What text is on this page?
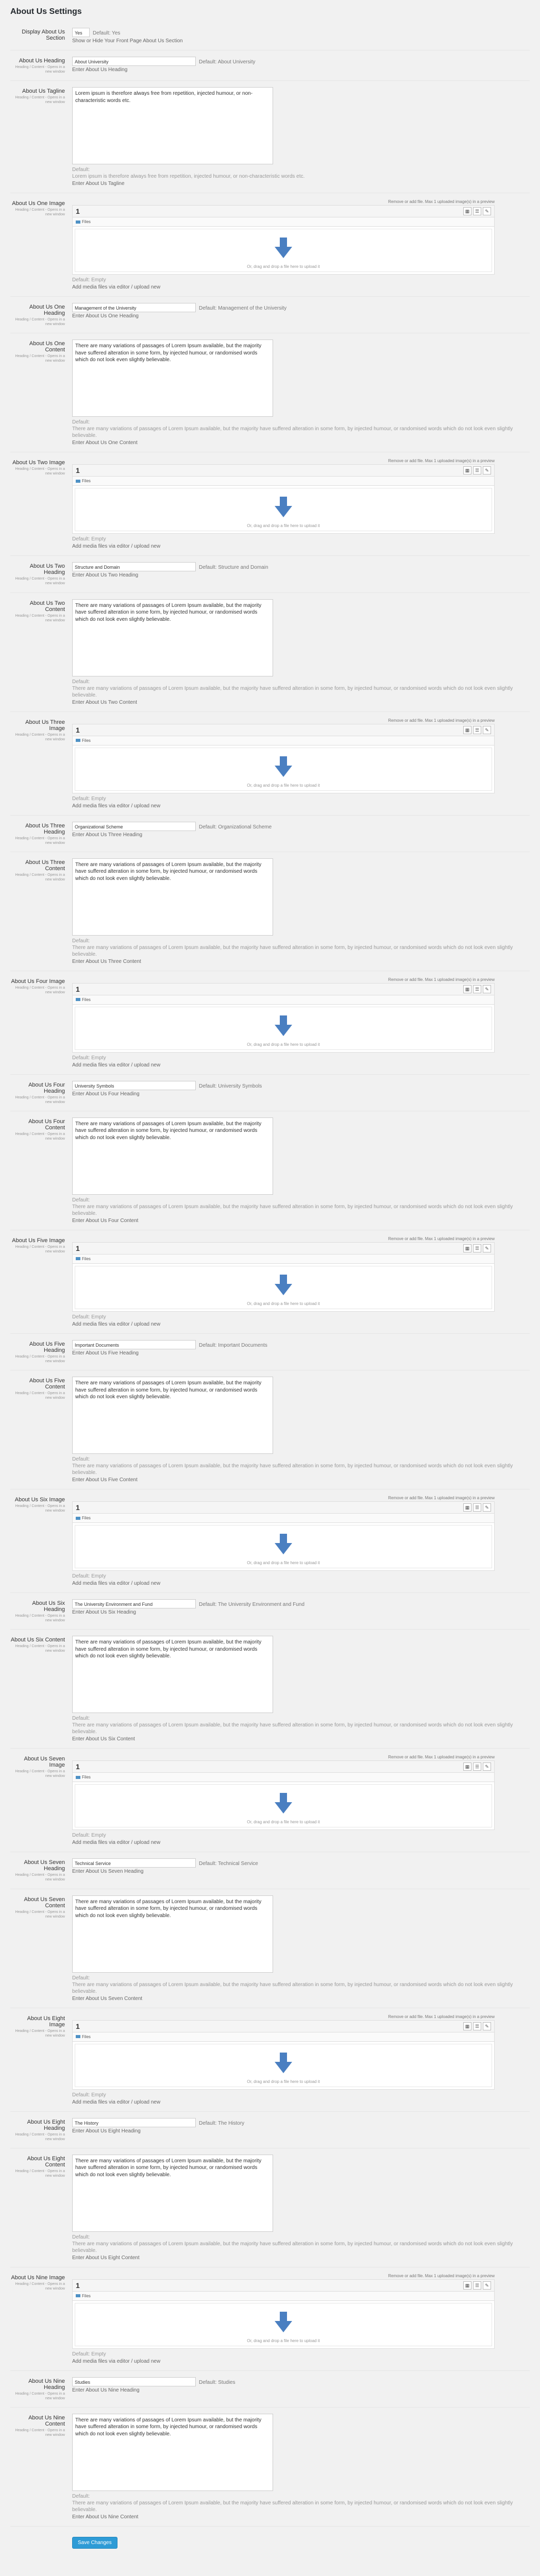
About Us Settings
Display About Us Section
Yes	Default: Yes
Show or Hide Your Front Page About Us Section
About Us Heading
Heading / Content - Opens in a new window
About University	Default: About University
Enter About Us Heading
About Us Tagline
Heading / Content - Opens in a new window
Lorem ipsum is therefore always free from repetition, injected humour, or non-characteristic words etc.
Default:
Lorem ipsum is therefore always free from repetition, injected humour, or non-characteristic words etc.
Enter About Us Tagline
About Us One Image
Heading / Content - Opens in a new window
Remove or add file. Max 1 uploaded image(s) in a preview
1	▦	☰	✎
Files
Or, drag and drop a file here to upload it
Default: Empty
Add media files via editor / upload new
About Us One Heading
Heading / Content - Opens in a new window
Management of the University	Default: Management of the University
Enter About Us One Heading
About Us One Content
Heading / Content - Opens in a new window
There are many variations of passages of Lorem Ipsum available, but the majority have suffered alteration in some form, by injected humour, or randomised words which do not look even slightly believable.
Default:
There are many variations of passages of Lorem Ipsum available, but the majority have suffered alteration in some form, by injected humour, or randomised words which do not look even slightly believable.
Enter About Us One Content
About Us Two Image
Heading / Content - Opens in a new window
Remove or add file. Max 1 uploaded image(s) in a preview
1	▦	☰	✎
Files
Or, drag and drop a file here to upload it
Default: Empty
Add media files via editor / upload new
About Us Two Heading
Heading / Content - Opens in a new window
Structure and Domain	Default: Structure and Domain
Enter About Us Two Heading
About Us Two Content
Heading / Content - Opens in a new window
There are many variations of passages of Lorem Ipsum available, but the majority have suffered alteration in some form, by injected humour, or randomised words which do not look even slightly believable.
Default:
There are many variations of passages of Lorem Ipsum available, but the majority have suffered alteration in some form, by injected humour, or randomised words which do not look even slightly believable.
Enter About Us Two Content
About Us Three Image
Heading / Content - Opens in a new window
Remove or add file. Max 1 uploaded image(s) in a preview
1	▦	☰	✎
Files
Or, drag and drop a file here to upload it
Default: Empty
Add media files via editor / upload new
About Us Three Heading
Heading / Content - Opens in a new window
Organizational Scheme	Default: Organizational Scheme
Enter About Us Three Heading
About Us Three Content
Heading / Content - Opens in a new window
There are many variations of passages of Lorem Ipsum available, but the majority have suffered alteration in some form, by injected humour, or randomised words which do not look even slightly believable.
Default:
There are many variations of passages of Lorem Ipsum available, but the majority have suffered alteration in some form, by injected humour, or randomised words which do not look even slightly believable.
Enter About Us Three Content
About Us Four Image
Heading / Content - Opens in a new window
Remove or add file. Max 1 uploaded image(s) in a preview
1	▦	☰	✎
Files
Or, drag and drop a file here to upload it
Default: Empty
Add media files via editor / upload new
About Us Four Heading
Heading / Content - Opens in a new window
University Symbols	Default: University Symbols
Enter About Us Four Heading
About Us Four Content
Heading / Content - Opens in a new window
There are many variations of passages of Lorem Ipsum available, but the majority have suffered alteration in some form, by injected humour, or randomised words which do not look even slightly believable.
Default:
There are many variations of passages of Lorem Ipsum available, but the majority have suffered alteration in some form, by injected humour, or randomised words which do not look even slightly believable.
Enter About Us Four Content
About Us Five Image
Heading / Content - Opens in a new window
Remove or add file. Max 1 uploaded image(s) in a preview
1	▦	☰	✎
Files
Or, drag and drop a file here to upload it
Default: Empty
Add media files via editor / upload new
About Us Five Heading
Heading / Content - Opens in a new window
Important Documents	Default: Important Documents
Enter About Us Five Heading
About Us Five Content
Heading / Content - Opens in a new window
There are many variations of passages of Lorem Ipsum available, but the majority have suffered alteration in some form, by injected humour, or randomised words which do not look even slightly believable.
Default:
There are many variations of passages of Lorem Ipsum available, but the majority have suffered alteration in some form, by injected humour, or randomised words which do not look even slightly believable.
Enter About Us Five Content
About Us Six Image
Heading / Content - Opens in a new window
Remove or add file. Max 1 uploaded image(s) in a preview
1	▦	☰	✎
Files
Or, drag and drop a file here to upload it
Default: Empty
Add media files via editor / upload new
About Us Six Heading
Heading / Content - Opens in a new window
The University Environment and Fund	Default: The University Environment and Fund
Enter About Us Six Heading
About Us Six Content
Heading / Content - Opens in a new window
There are many variations of passages of Lorem Ipsum available, but the majority have suffered alteration in some form, by injected humour, or randomised words which do not look even slightly believable.
Default:
There are many variations of passages of Lorem Ipsum available, but the majority have suffered alteration in some form, by injected humour, or randomised words which do not look even slightly believable.
Enter About Us Six Content
About Us Seven Image
Heading / Content - Opens in a new window
Remove or add file. Max 1 uploaded image(s) in a preview
1	▦	☰	✎
Files
Or, drag and drop a file here to upload it
Default: Empty
Add media files via editor / upload new
About Us Seven Heading
Heading / Content - Opens in a new window
Technical Service	Default: Technical Service
Enter About Us Seven Heading
About Us Seven Content
Heading / Content - Opens in a new window
There are many variations of passages of Lorem Ipsum available, but the majority have suffered alteration in some form, by injected humour, or randomised words which do not look even slightly believable.
Default:
There are many variations of passages of Lorem Ipsum available, but the majority have suffered alteration in some form, by injected humour, or randomised words which do not look even slightly believable.
Enter About Us Seven Content
About Us Eight Image
Heading / Content - Opens in a new window
Remove or add file. Max 1 uploaded image(s) in a preview
1	▦	☰	✎
Files
Or, drag and drop a file here to upload it
Default: Empty
Add media files via editor / upload new
About Us Eight Heading
Heading / Content - Opens in a new window
The History	Default: The History
Enter About Us Eight Heading
About Us Eight Content
Heading / Content - Opens in a new window
There are many variations of passages of Lorem Ipsum available, but the majority have suffered alteration in some form, by injected humour, or randomised words which do not look even slightly believable.
Default:
There are many variations of passages of Lorem Ipsum available, but the majority have suffered alteration in some form, by injected humour, or randomised words which do not look even slightly believable.
Enter About Us Eight Content
About Us Nine Image
Heading / Content - Opens in a new window
Remove or add file. Max 1 uploaded image(s) in a preview
1	▦	☰	✎
Files
Or, drag and drop a file here to upload it
Default: Empty
Add media files via editor / upload new
About Us Nine Heading
Heading / Content - Opens in a new window
Studies	Default: Studies
Enter About Us Nine Heading
About Us Nine Content
Heading / Content - Opens in a new window
There are many variations of passages of Lorem Ipsum available, but the majority have suffered alteration in some form, by injected humour, or randomised words which do not look even slightly believable.
Default:
There are many variations of passages of Lorem Ipsum available, but the majority have suffered alteration in some form, by injected humour, or randomised words which do not look even slightly believable.
Enter About Us Nine Content
Save Changes
